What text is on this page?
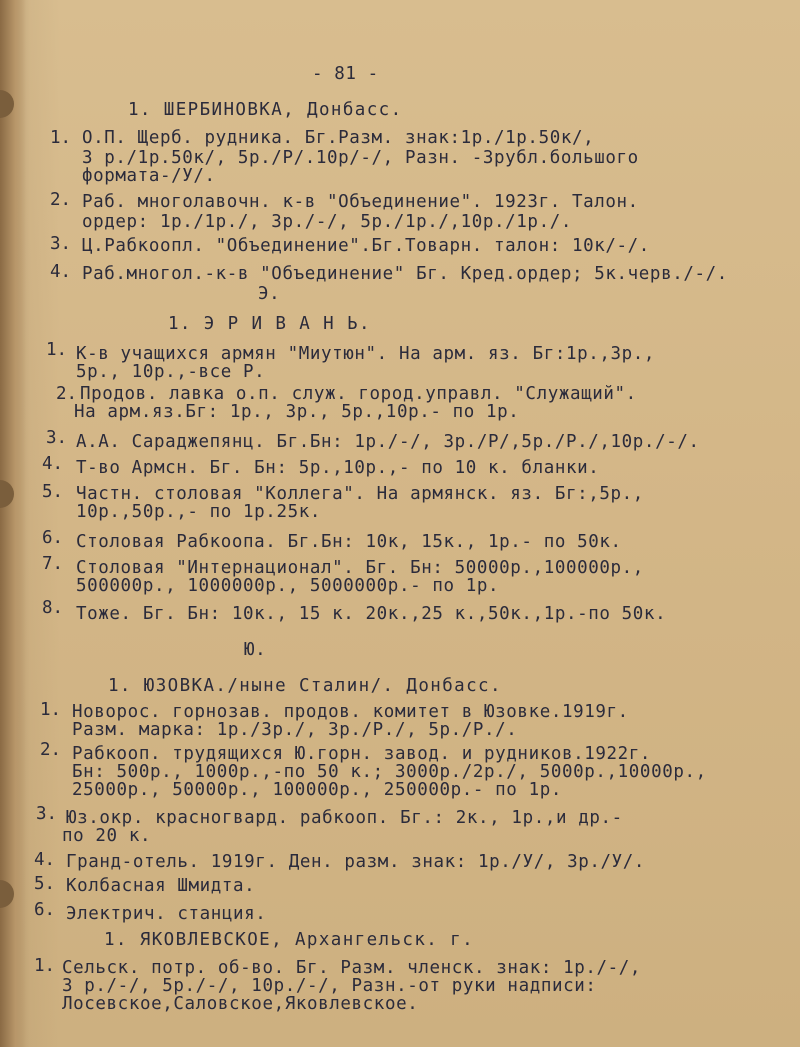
- 81 -
1. ШЕРБИНОВКА, Донбасс.
1. О.П. Щерб. рудника. Бг.Разм. знак:1р./1р.50к/,
3 р./1р.50к/, 5р./Р/.10р/-/, Разн. -Зрубл.большого
формата-/У/.
2. Раб. многолавочн. к-в "Объединение". 1923г. Талон.
ордер: 1р./1р./, 3р./-/, 5р./1р./,10р./1р./.
3. Ц.Рабкоопл. "Объединение".Бг.Товарн. талон: 10к/-/.
4. Раб.многол.-к-в "Объединение" Бг. Кред.ордер; 5к.черв./-/.
Э.
1. Э Р И В А Н Ь.
1. К-в учащихся армян "Миутюн". На арм. яз. Бг:1р.,3р.,
5р., 10р.,-все Р.
2. Продов. лавка о.п. служ. город.управл. "Служащий".
На арм.яз.Бг: 1р., 3р., 5р.,10р.- по 1р.
3. А.А. Сараджепянц. Бг.Бн: 1р./-/, 3р./Р/,5р./Р./,10р./-/.
4. Т-во Армсн. Бг. Бн: 5р.,10р.,- по 10 к. бланки.
5. Частн. столовая "Коллега". На армянск. яз. Бг:,5р.,
10р.,50р.,- по 1р.25к.
6. Столовая Рабкоопа. Бг.Бн: 10к, 15к., 1р.- по 50к.
7. Столовая "Интернационал". Бг. Бн: 50000р.,100000р.,
500000р., 1000000р., 5000000р.- по 1р.
8. Тоже. Бг. Бн: 10к., 15 к. 20к.,25 к.,50к.,1р.-по 50к.
Ю.
1. ЮЗОВКА./ныне Сталин/. Донбасс.
1. Новорос. горнозав. продов. комитет в Юзовке.1919г.
Разм. марка: 1р./3р./, 3р./Р./, 5р./Р./.
2. Рабкооп. трудящихся Ю.горн. завод. и рудников.1922г.
Бн: 500р., 1000р.,-по 50 к.; 3000р./2р./, 5000р.,10000р.,
25000р., 50000р., 100000р., 250000р.- по 1р.
3. Юз.окр. красногвард. рабкооп. Бг.: 2к., 1р.,и др.-
по 20 к.
4. Гранд-отель. 1919г. Ден. разм. знак: 1р./У/, 3р./У/.
5. Колбасная Шмидта.
6. Электрич. станция.
1. ЯКОВЛЕВСКОЕ, Архангельск. г.
1. Сельск. потр. об-во. Бг. Разм. членск. знак: 1р./-/,
3 р./-/, 5р./-/, 10р./-/, Разн.-от руки надписи:
Лосевское,Саловское,Яковлевское.
